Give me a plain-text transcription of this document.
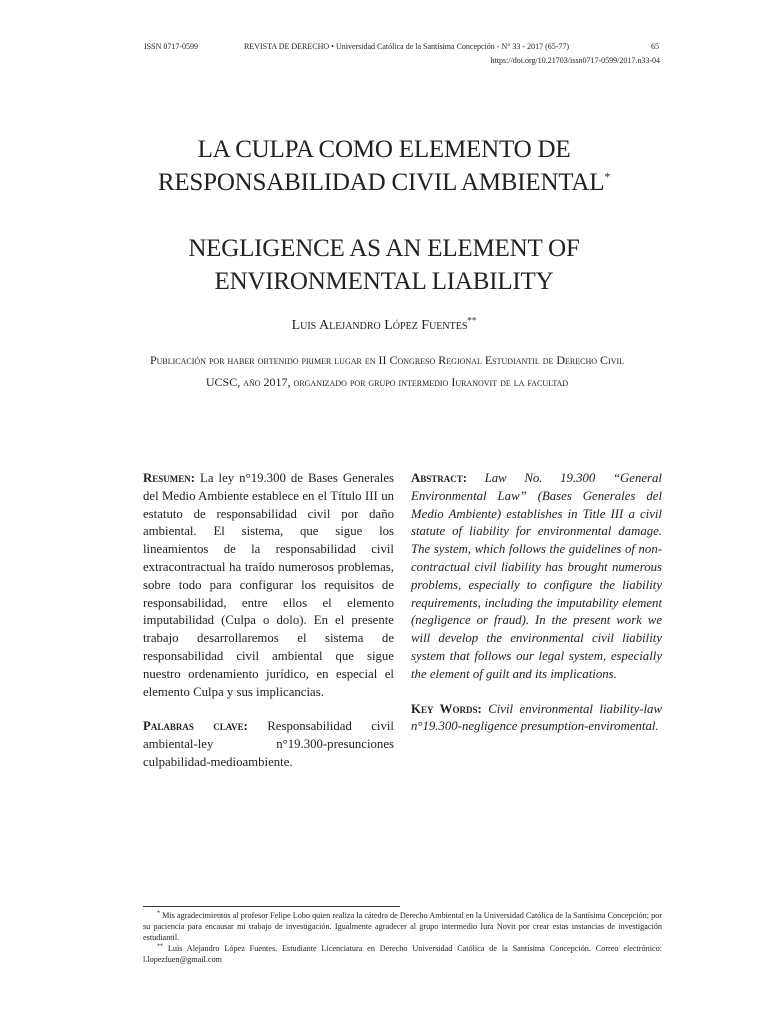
ISSN 0717-0599	REVISTA DE DERECHO • Universidad Católica de la Santísima Concepción - N° 33 - 2017 (65-77)	65
https://doi.org/10.21703/issn0717-0599/2017.n33-04
LA CULPA COMO ELEMENTO DE
RESPONSABILIDAD CIVIL AMBIENTAL*
NEGLIGENCE AS AN ELEMENT OF
ENVIRONMENTAL LIABILITY
Luis Alejandro López Fuentes**
Publicación por haber obtenido primer lugar en II Congreso Regional Estudiantil de Derecho Civil UCSC, año 2017, organizado por grupo intermedio Iuranovit de la facultad
Resumen: La ley n°19.300 de Bases Generales del Medio Ambiente establece en el Título III un estatuto de responsabilidad civil por daño ambiental. El sistema, que sigue los lineamientos de la responsabilidad civil extracontractual ha traído numerosos problemas, sobre todo para configurar los requisitos de responsabilidad, entre ellos el elemento imputabilidad (Culpa o dolo). En el presente trabajo desarrollaremos el sistema de responsabilidad civil ambiental que sigue nuestro ordenamiento jurídico, en especial el elemento Culpa y sus implicancias.
Palabras clave: Responsabilidad civil ambiental-ley n°19.300-presunciones culpabilidad-medioambiente.
Abstract: Law No. 19.300 “General Environmental Law” (Bases Generales del Medio Ambiente) establishes in Title III a civil statute of liability for environmental damage. The system, which follows the guidelines of non-contractual civil liability has brought numerous problems, especially to configure the liability requirements, including the imputability element (negligence or fraud). In the present work we will develop the environmental civil liability system that follows our legal system, especially the element of guilt and its implications.
Key Words: Civil environmental liability-law n°19.300-negligence presumption-enviromental.

* Mis agradecimientos al profesor Felipe Lobo quien realiza la cátedra de Derecho Ambiental en la Universidad Católica de la Santísima Concepción; por su paciencia para encausar mi trabajo de investigación. Igualmente agradecer al grupo intermedio Iura Novit por crear estas instancias de investigación estudiantil.

** Luis Alejandro López Fuentes. Estudiante Licenciatura en Derecho Universidad Católica de la Santísima Concepción. Correo electrónico: l.lopezfuen@gmail.com
